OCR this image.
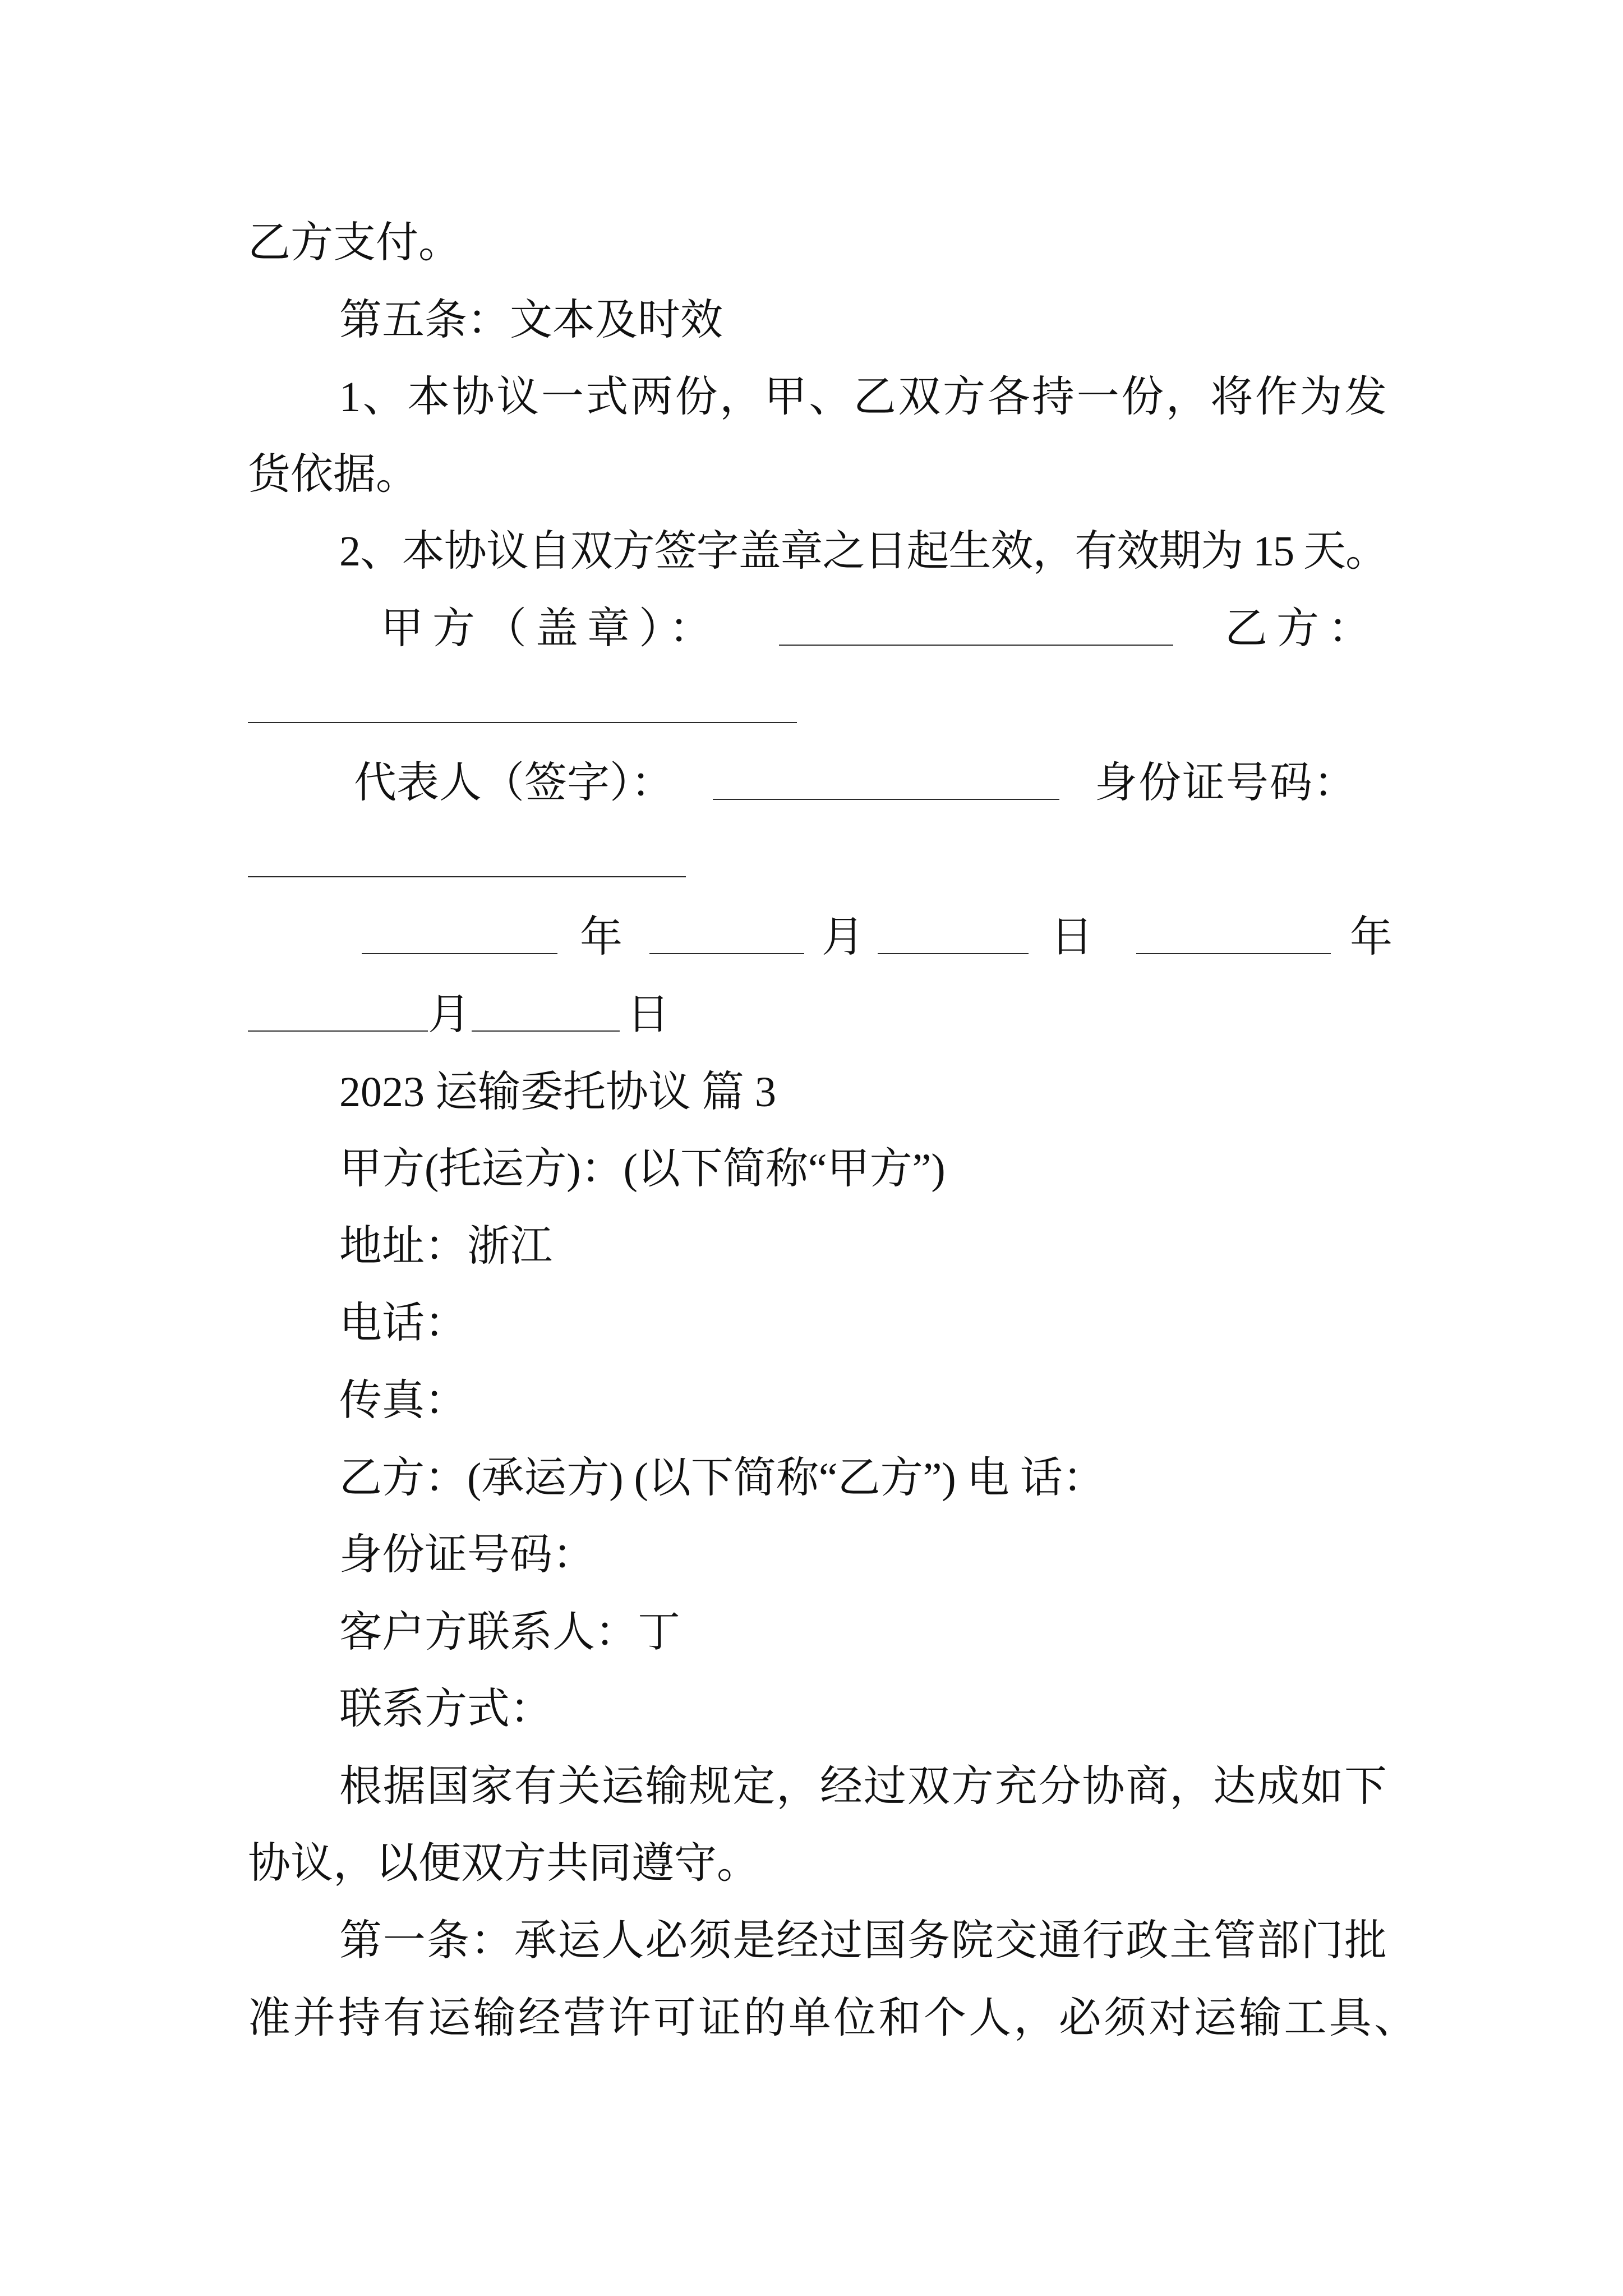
乙方支付。
第五条：文本及时效
1、本协议一式两份，甲、乙双方各持一份，将作为发
货依据。
2、本协议自双方签字盖章之日起生效，有效期为 15 天。
甲方（盖章）：	乙方：
代表人（签字）：	身份证号码：
年	月	日	年
月	日
2023 运输委托协议 篇 3
甲方(托运方)：(以下简称“甲方”)
地址：浙江
电话：
传真：
乙方：(承运方) (以下简称“乙方”) 电 话：
身份证号码：
客户方联系人：丁
联系方式：
根据国家有关运输规定，经过双方充分协商，达成如下
协议，以便双方共同遵守。
第一条：承运人必须是经过国务院交通行政主管部门批
准并持有运输经营许可证的单位和个人，必须对运输工具、
